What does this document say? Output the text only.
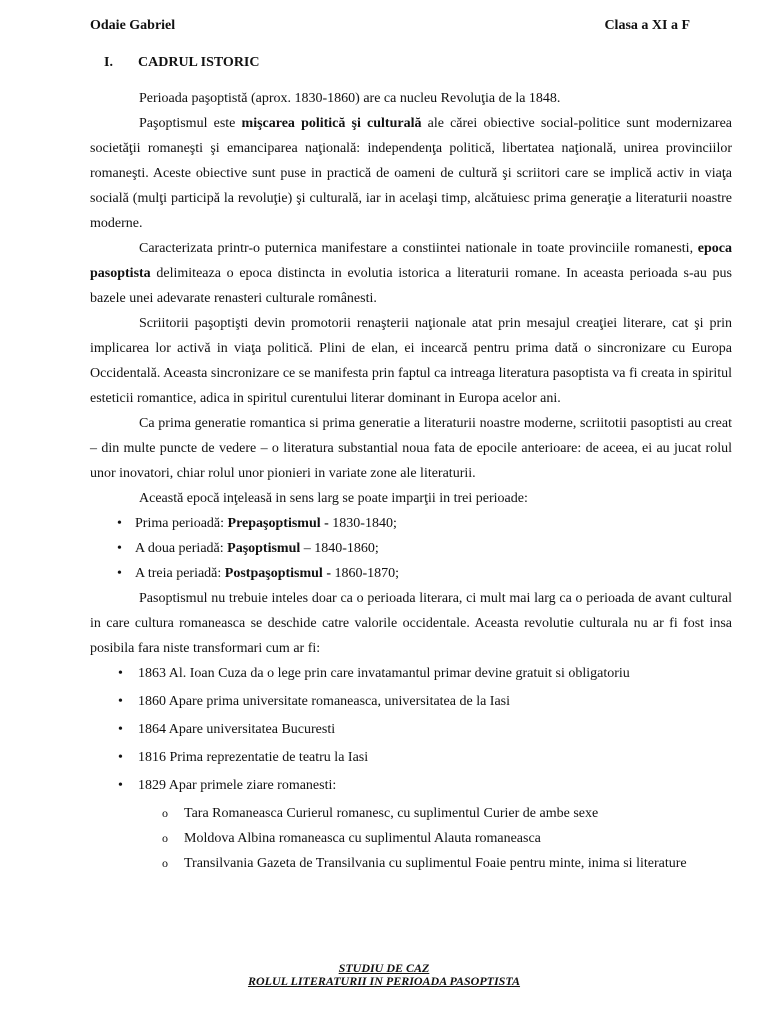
Odaie Gabriel	Clasa a XI a F
I. CADRUL ISTORIC

Perioada paşoptistă (aprox. 1830-1860) are ca nucleu Revoluţia de la 1848.

Paşoptismul este mişcarea politică şi culturală ale cărei obiective social-politice sunt modernizarea societăţii romaneşti şi emanciparea naţională: independenţa politică, libertatea naţională, unirea provinciilor romaneşti. Aceste obiective sunt puse in practică de oameni de cultură şi scriitori care se implică activ in viaţa socială (mulţi participă la revoluţie) şi culturală, iar in acelaşi timp, alcătuiesc prima generaţie a literaturii noastre moderne.

Caracterizata printr-o puternica manifestare a constiintei nationale in toate provinciile romanesti, epoca pasoptista delimiteaza o epoca distincta in evolutia istorica a literaturii romane. In aceasta perioada s-au pus bazele unei adevarate renasteri culturale românesti.

Scriitorii paşoptişti devin promotorii renaşterii naţionale atat prin mesajul creaţiei literare, cat şi prin implicarea lor activă in viaţa politică. Plini de elan, ei incearcă pentru prima dată o sincronizare cu Europa Occidentală. Aceasta sincronizare ce se manifesta prin faptul ca intreaga literatura pasoptista va fi creata in spiritul esteticii romantice, adica in spiritul curentului literar dominant in Europa acelor ani.

Ca prima generatie romantica si prima generatie a literaturii noastre moderne, scriitotii pasoptisti au creat – din multe puncte de vedere – o literatura substantial noua fata de epocile anterioare: de aceea, ei au jucat rolul unor inovatori, chiar rolul unor pionieri in variate zone ale literaturii.

Această epocă inţeleasă in sens larg se poate imparţii in trei perioade:

• Prima perioadă: Prepaşoptismul - 1830-1840;
• A doua periadă: Paşoptismul – 1840-1860;
• A treia periadă: Postpaşoptismul - 1860-1870;

Pasoptismul nu trebuie inteles doar ca o perioada literara, ci mult mai larg ca o perioada de avant cultural in care cultura romaneasca se deschide catre valorile occidentale. Aceasta revolutie culturala nu ar fi fost insa posibila fara niste transformari cum ar fi:

• 1863 Al. Ioan Cuza da o lege prin care invatamantul primar devine gratuit si obligatoriu
• 1860 Apare prima universitate romaneasca, universitatea de la Iasi
• 1864 Apare universitatea Bucuresti
• 1816 Prima reprezentatie de teatru la Iasi
• 1829 Apar primele ziare romanesti:
o Tara Romaneasca Curierul romanesc, cu suplimentul Curier de ambe sexe
o Moldova Albina romaneasca cu suplimentul Alauta romaneasca
o Transilvania Gazeta de Transilvania cu suplimentul Foaie pentru minte, inima si literature
STUDIU DE CAZ
ROLUL LITERATURII IN PERIOADA PASOPTISTA
